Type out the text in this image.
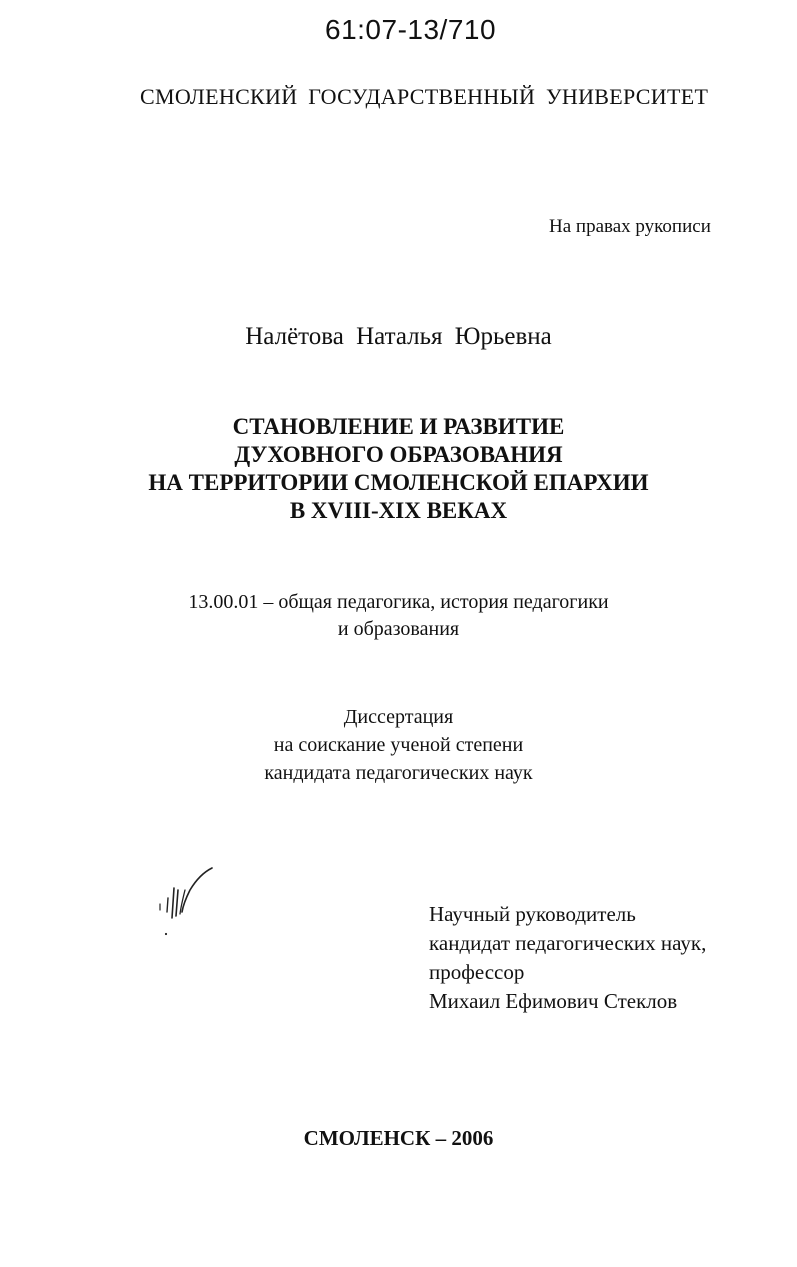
61:07-13/710
СМОЛЕНСКИЙ ГОСУДАРСТВЕННЫЙ УНИВЕРСИТЕТ
На правах рукописи
Налётова Наталья Юрьевна
СТАНОВЛЕНИЕ И РАЗВИТИЕ
ДУХОВНОГО ОБРАЗОВАНИЯ
НА ТЕРРИТОРИИ СМОЛЕНСКОЙ ЕПАРХИИ
В XVIII-XIX ВЕКАХ
13.00.01 – общая педагогика, история педагогики
и образования
Диссертация
на соискание ученой степени
кандидата педагогических наук
Научный руководитель
кандидат педагогических наук,
профессор
Михаил Ефимович Стеклов
СМОЛЕНСК – 2006
